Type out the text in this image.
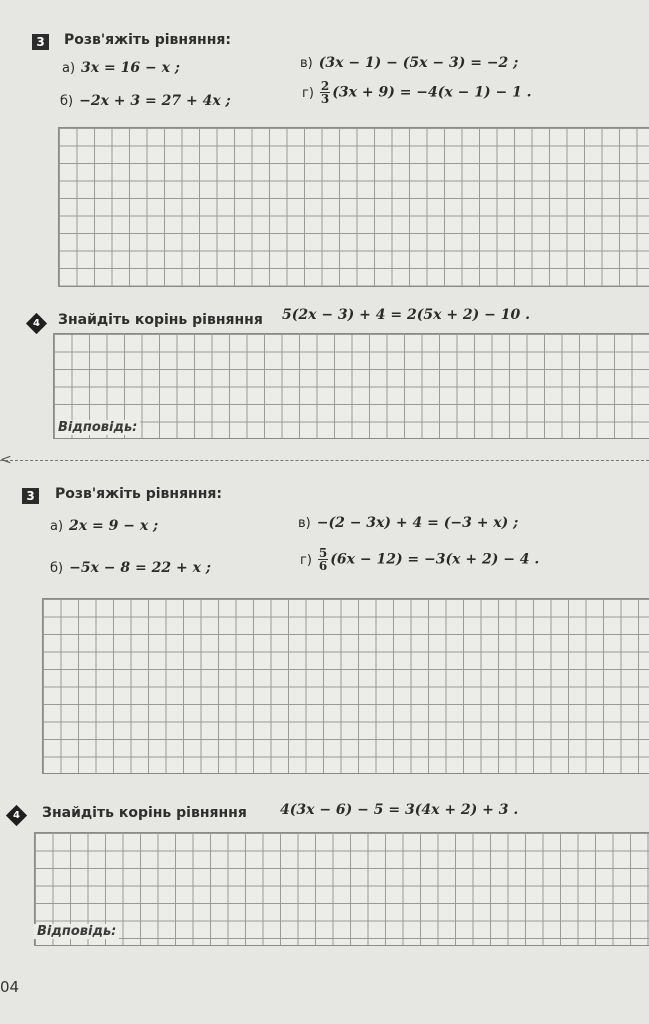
3	Розв'яжіть рівняння:
а) 3x = 16 − x ;	в) (3x − 1) − (5x − 3) = −2 ;
б) −2x + 3 = 27 + 4x ;	$г) \frac{2}{3} (3x + 9) = -4(x - 1) - 1$ .
4 Знайдіть корінь рівняння 5(2x − 3) + 4 = 2(5x + 2) − 10 .
Відповідь:
<
3	Розв'яжіть рівняння:
а) 2x = 9 − x ;	в) −(2 − 3x) + 4 = (−3 + x) ;
б) −5x − 8 = 22 + x ;	$г) \frac{5}{6} (6x - 12) = -3(x + 2) - 4$ .
4 Знайдіть корінь рівняння 4(3x − 6) − 5 = 3(4x + 2) + 3 .
Відповідь:
04
